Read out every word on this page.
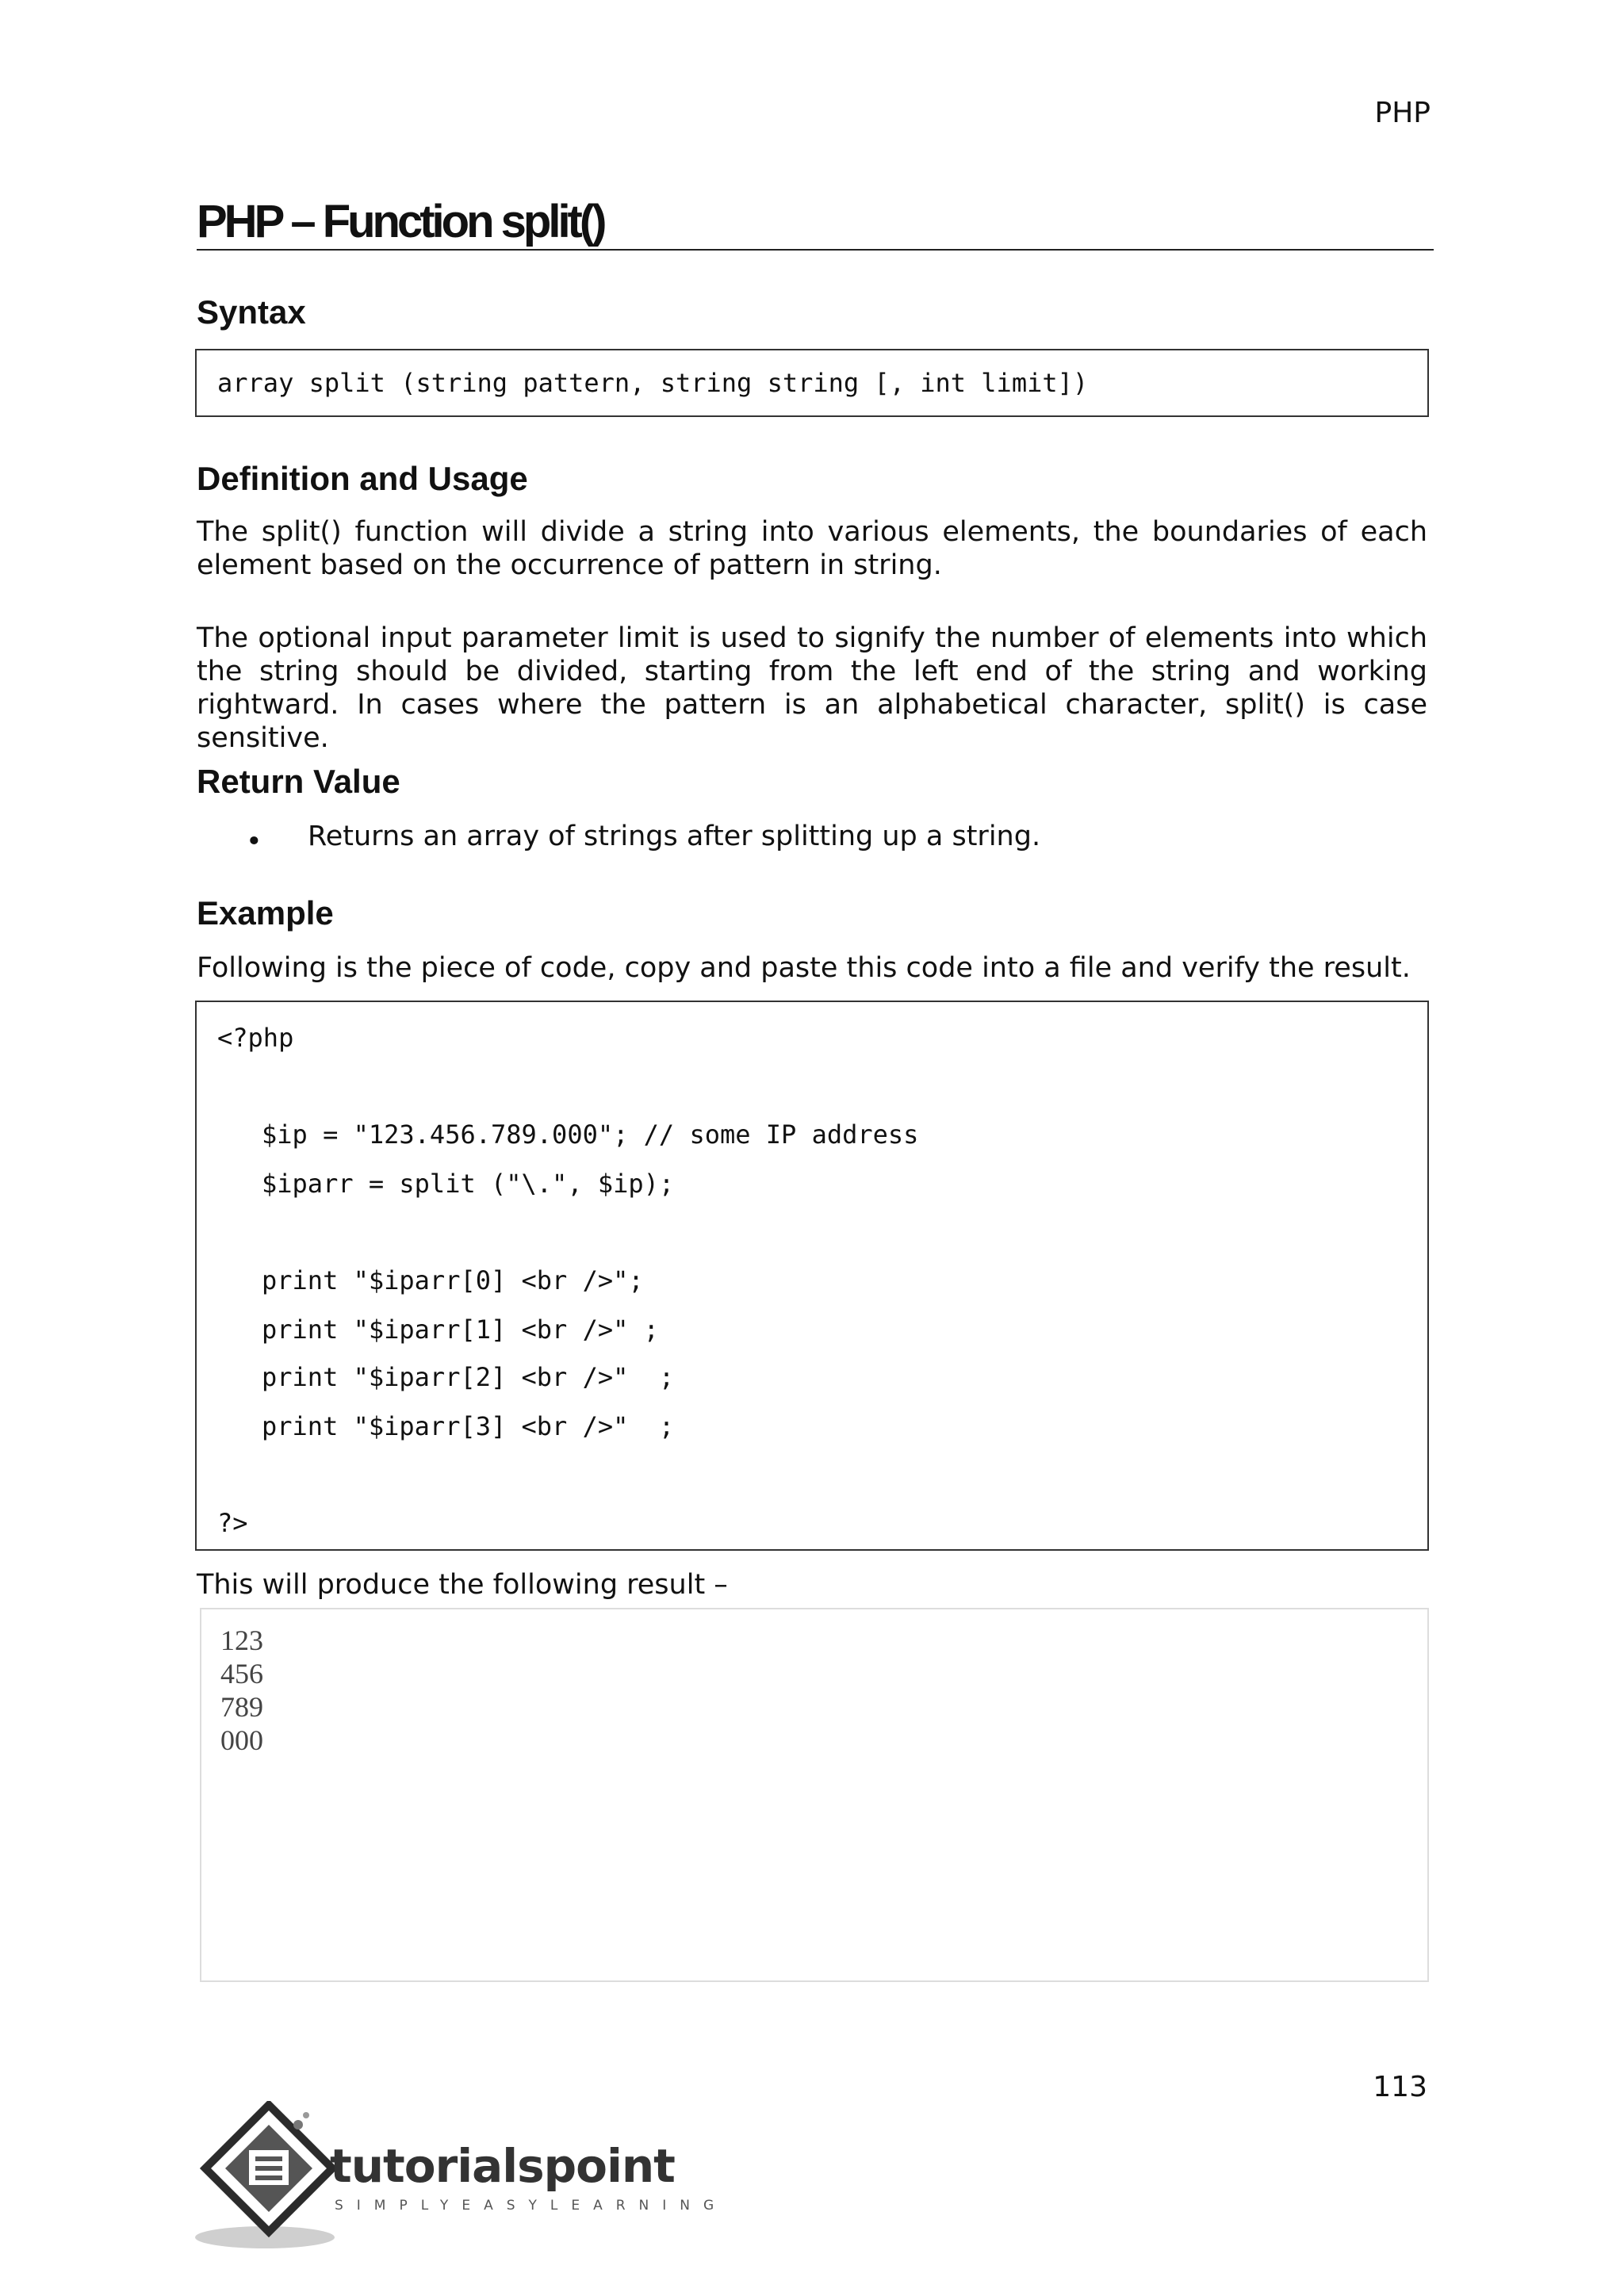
PHP
PHP – Function split()
Syntax
array split (string pattern, string string [, int limit])
Definition and Usage
The split() function will divide a string into various elements, the boundaries of each element based on the occurrence of pattern in string.
The optional input parameter limit is used to signify the number of elements into which the string should be divided, starting from the left end of the string and working rightward. In cases where the pattern is an alphabetical character, split() is case sensitive.
Return Value
• Returns an array of strings after splitting up a string.
Example
Following is the piece of code, copy and paste this code into a file and verify the result.
<?php
$ip = "123.456.789.000"; // some IP address
$iparr = split ("\.", $ip);
print "$iparr[0] <br />";
print "$iparr[1] <br />" ;
print "$iparr[2] <br />"  ;
print "$iparr[3] <br />"  ;
?>
This will produce the following result –
123
456
789
000
113
tutorialspoint
SIMPLYEASYLEARNING
